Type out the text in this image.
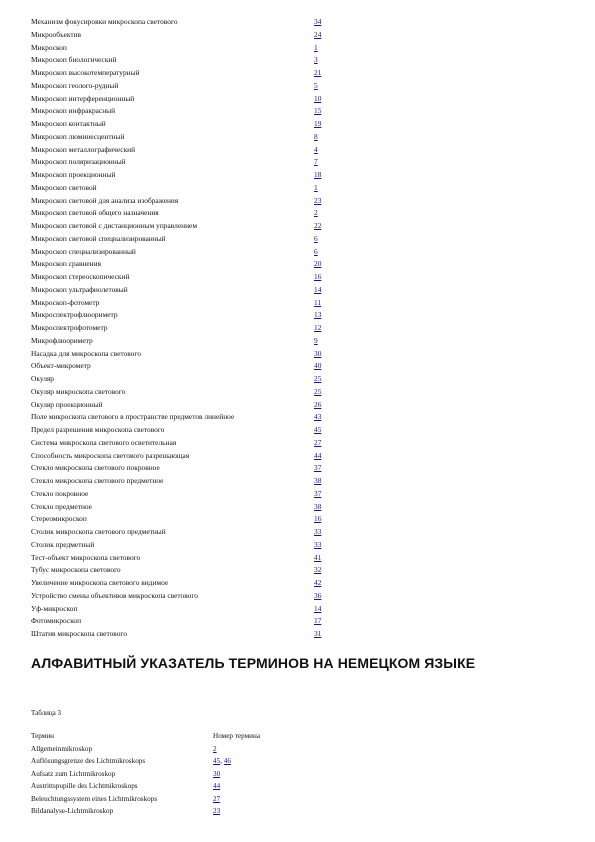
Механизм фокусировки микроскопа светового	34
Микрообъектив	24
Микроскоп	1
Микроскоп биологический	3
Микроскоп высокотемпературный	21
Микроскоп геолого-рудный	5
Микроскоп интерференционный	10
Микроскоп инфракрасный	15
Микроскоп контактный	19
Микроскоп люминесцентный	8
Микроскоп металлографический	4
Микроскоп поляризационный	7
Микроскоп проекционный	18
Микроскоп световой	1
Микроскоп световой для анализа изображения	23
Микроскоп световой общего назначения	2
Микроскоп световой с дистанционным управлением	22
Микроскоп световой специализированный	6
Микроскоп специализированный	6
Микроскоп сравнения	20
Микроскоп стереоскопический	16
Микроскоп ультрафиолетовый	14
Микроскоп-фотометр	11
Микроспектрофлюориметр	13
Микроспектрофотометр	12
Микрофлюориметр	9
Насадка для микроскопа светового	30
Объект-микрометр	40
Окуляр	25
Окуляр микроскопа светового	25
Окуляр проекционный	26
Поле микроскопа светового в пространстве предметов линейное	43
Предел разрешения микроскопа светового	45
Система микроскопа светового осветительная	27
Способность микроскопа светового разрешающая	44
Стекло микроскопа светового покровное	37
Стекло микроскопа светового предметное	38
Стекло покровное	37
Стекло предметное	38
Стереомикроскоп	16
Столик микроскопа светового предметный	33
Столик предметный	33
Тест-объект микроскопа светового	41
Тубус микроскопа светового	32
Увеличение микроскопа светового видимое	42
Устройство смены объективов микроскопа светового	36
Уф-микроскоп	14
Фотомикроскоп	17
Штатив микроскопа светового	31
АЛФАВИТНЫЙ УКАЗАТЕЛЬ ТЕРМИНОВ НА НЕМЕЦКОМ ЯЗЫКЕ
Таблица 3
Термин	Номер термина
Allgemeinmikroskop	2
Auflösungsgrenze des Lichtmikroskops	45, 46
Aufsatz zum Lichtmikroskop	30
Austrittspupille des Lichtmikroskops	44
Beleuchtungssystem eines Lichtmikroskops	27
Bildanalyse-Lichtmikroskop	23
